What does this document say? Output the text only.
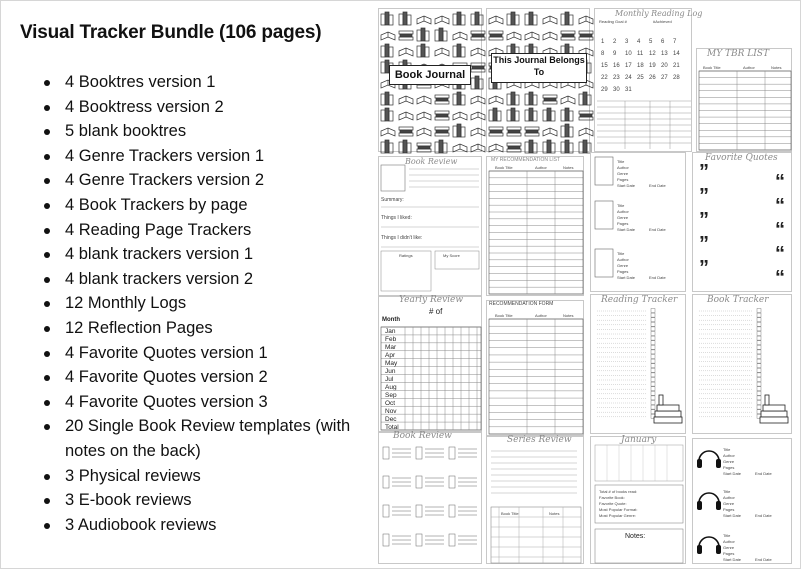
Visual Tracker Bundle (106 pages)
4 Booktres version 1
4 Booktress version 2
5 blank booktres
4 Genre Trackers version 1
4 Genre Trackers version 2
4 Book Trackers by page
4 Reading Page Trackers
4 blank trackers version 1
4 blank trackers version 2
12 Monthly Logs
12 Reflection Pages
4 Favorite Quotes version 1
4 Favorite Quotes version 2
4 Favorite Quotes version 3
20 Single Book Review templates (with notes on the back)
3 Physical reviews
3 E-book reviews
3 Audiobook reviews
Book Journal
This Journal Belongs
To
Monthly Reading Log
Reading Goal #	#Achieved
1 2 3 4 5 6 7
8 9 10 11 12 13 14
15 16 17 18 19 20 21
22 23 24 25 26 27 28
29 30 31
MY TBR LIST
Book Title	Author	Notes
Book Review
Summary:
Things I liked:
Things I didn't like:
Ratings	My Score
MY RECOMMENDATION LIST
Book Title	Author	Notes
Title
Author
Genre
Pages
Start Date	End Date
Title
Author
Genre
Pages
Start Date	End Date
Title
Author
Genre
Pages
Start Date	End Date
Favorite Quotes
”	“
”	“
”	“
”	“
”	“
Yearly Review
# of
Month
Jan
Feb
Mar
Apr
May
Jun
Jul
Aug
Sep
Oct
Nov
Dec
Total
RECOMMENDATION FORM
Book Title	Author	Notes
Reading Tracker	Book Tracker
Book Review	Series Review
Book Title	Notes
January
Total # of books read:
Favorite Book:
Favorite Quote:
Most Popular Format:
Most Popular Genre:
Notes:
Title
Author
Genre
Pages
Start Date	End Date
Title
Author
Genre
Pages
Start Date	End Date
Title
Author
Genre
Pages
Start Date	End Date
